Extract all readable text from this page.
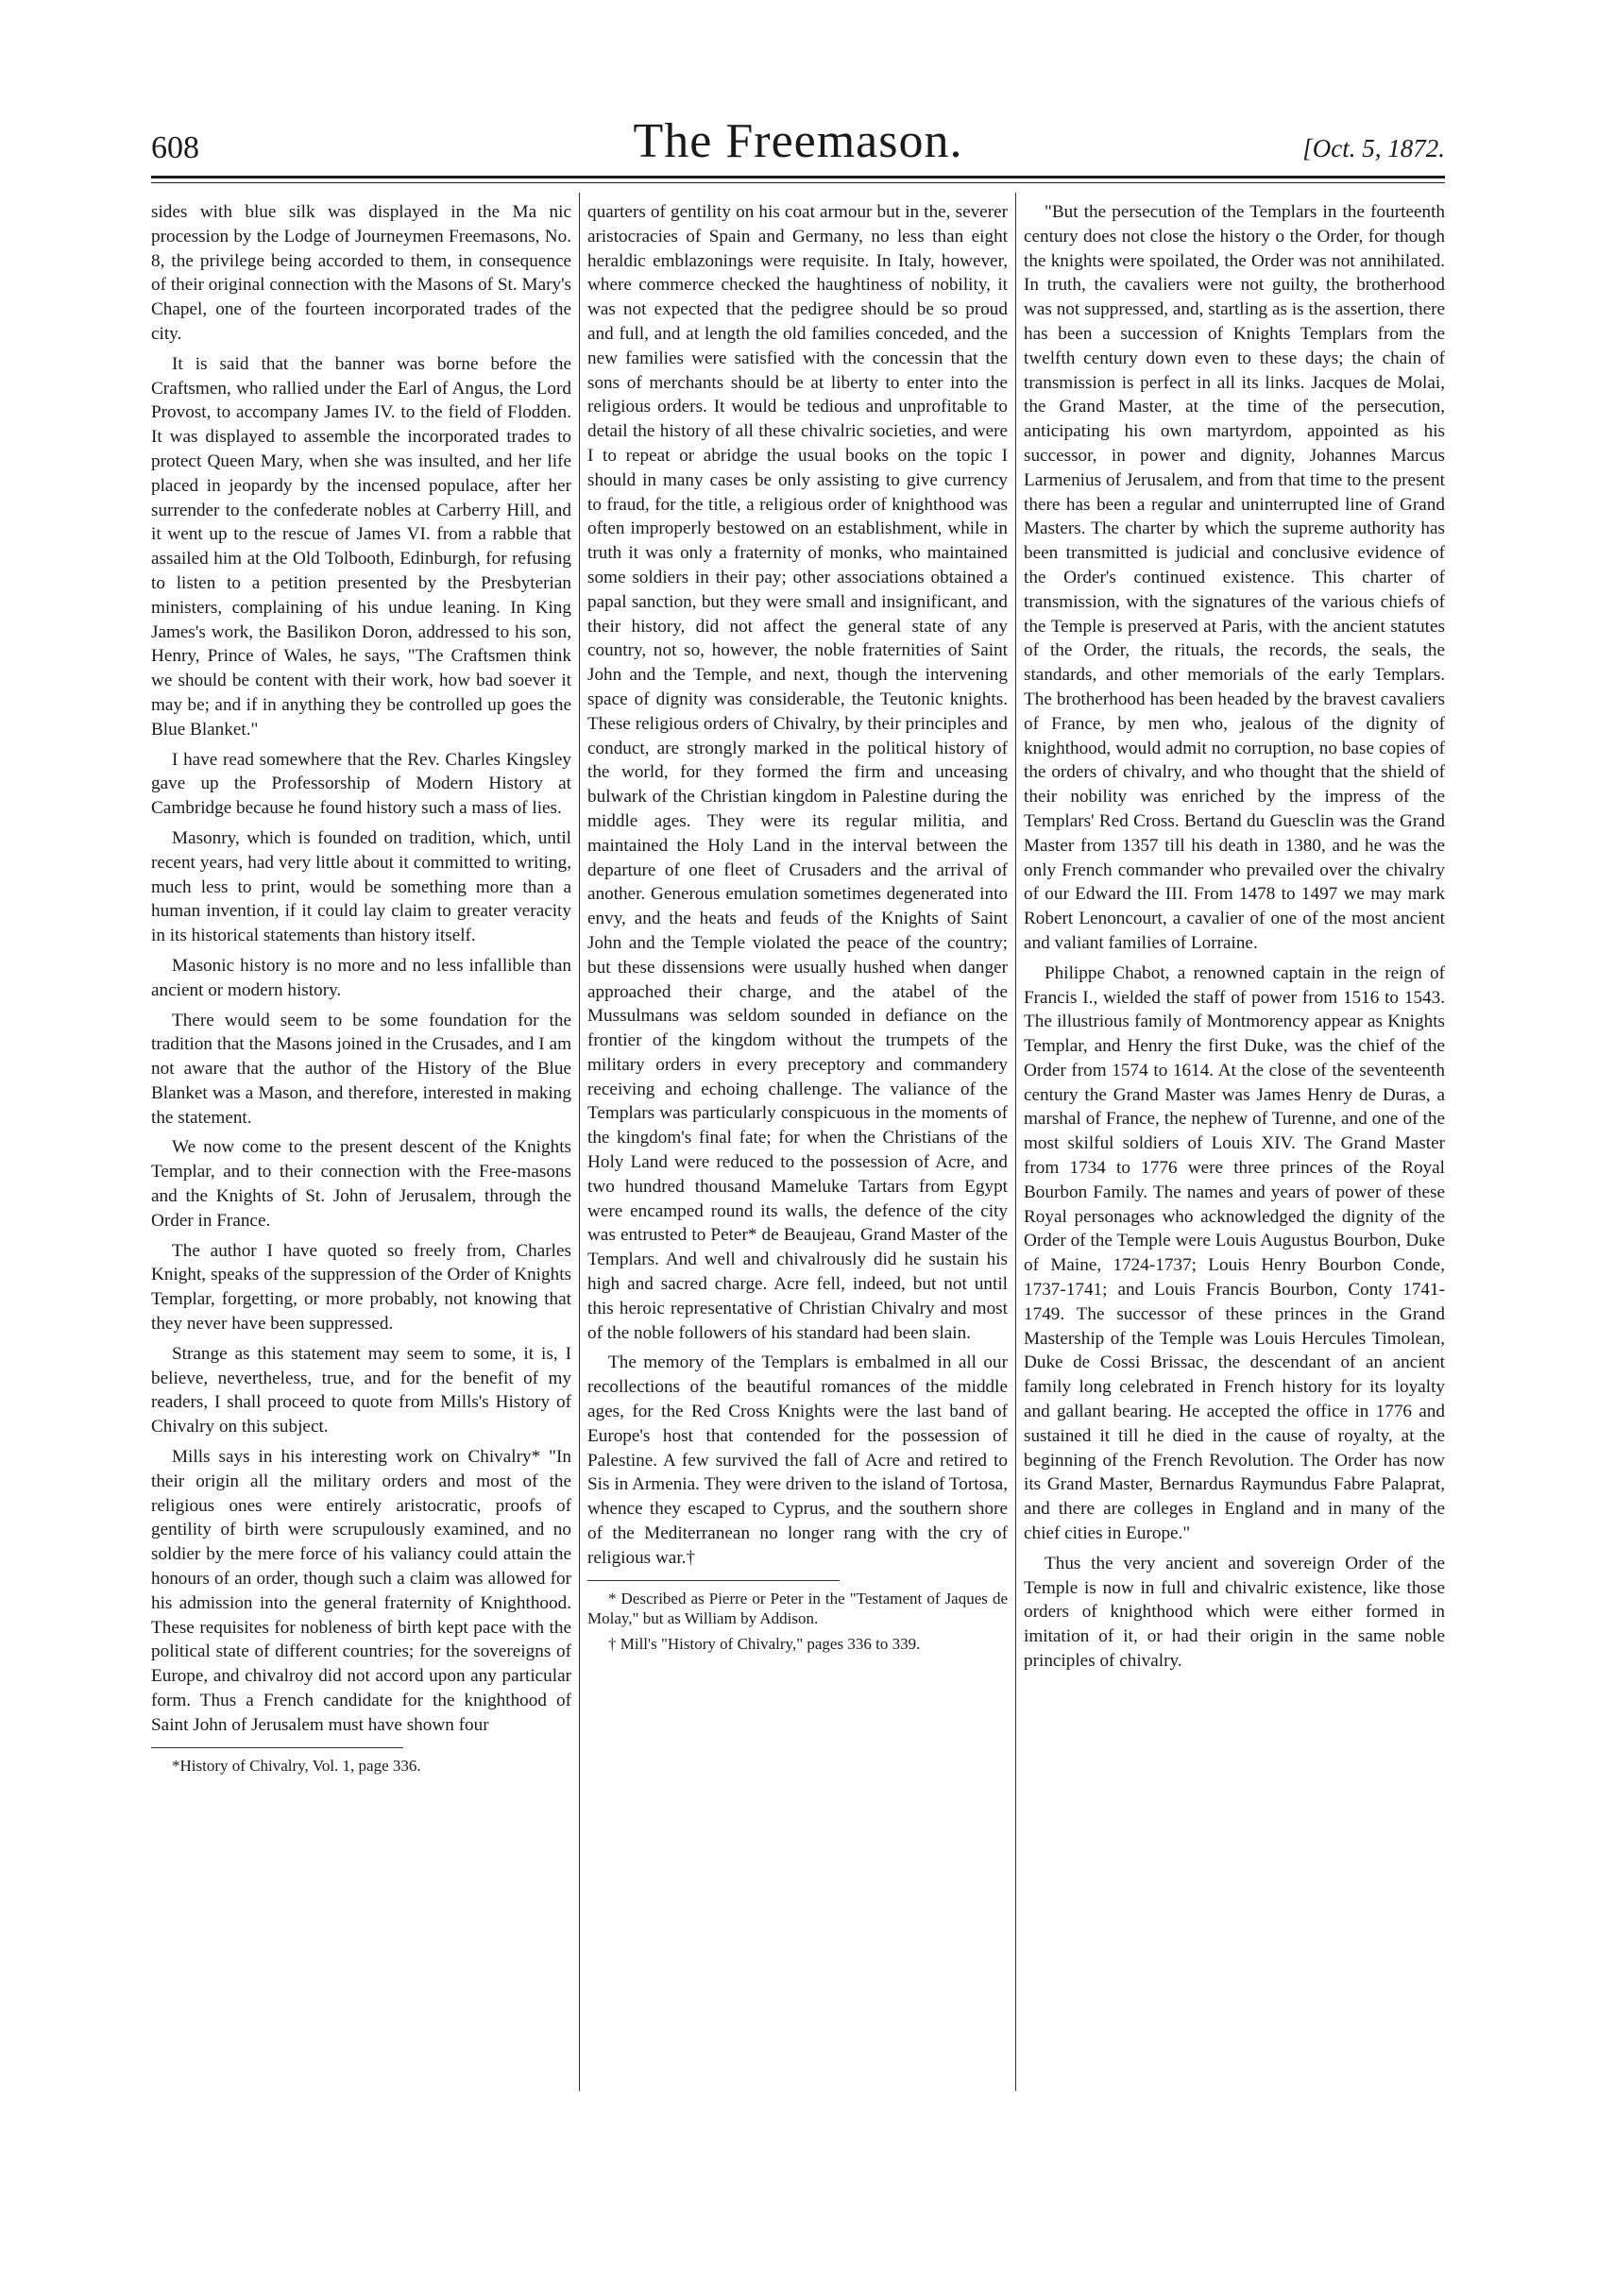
608	The Freemason.	[Oct. 5, 1872.

sides with blue silk was displayed in the Ma nic procession by the Lodge of Journeymen Freemasons, No. 8, the privilege being accorded to them, in consequence of their original connection with the Masons of St. Mary's Chapel, one of the fourteen incorporated trades of the city.

It is said that the banner was borne before the Craftsmen, who rallied under the Earl of Angus, the Lord Provost, to accompany James IV. to the field of Flodden. It was displayed to assemble the incorporated trades to protect Queen Mary, when she was insulted, and her life placed in jeopardy by the incensed populace, after her surrender to the confederate nobles at Carberry Hill, and it went up to the rescue of James VI. from a rabble that assailed him at the Old Tolbooth, Edinburgh, for refusing to listen to a petition presented by the Presbyterian ministers, complaining of his undue leaning. In King James's work, the Basilikon Doron, addressed to his son, Henry, Prince of Wales, he says, "The Craftsmen think we should be content with their work, how bad soever it may be; and if in anything they be controlled up goes the Blue Blanket."

I have read somewhere that the Rev. Charles Kingsley gave up the Professorship of Modern History at Cambridge because he found history such a mass of lies.

Masonry, which is founded on tradition, which, until recent years, had very little about it committed to writing, much less to print, would be something more than a human invention, if it could lay claim to greater veracity in its historical statements than history itself.

Masonic history is no more and no less infallible than ancient or modern history.

There would seem to be some foundation for the tradition that the Masons joined in the Crusades, and I am not aware that the author of the History of the Blue Blanket was a Mason, and therefore, interested in making the statement.

We now come to the present descent of the Knights Templar, and to their connection with the Free-masons and the Knights of St. John of Jerusalem, through the Order in France.

The author I have quoted so freely from, Charles Knight, speaks of the suppression of the Order of Knights Templar, forgetting, or more probably, not knowing that they never have been suppressed.

Strange as this statement may seem to some, it is, I believe, nevertheless, true, and for the benefit of my readers, I shall proceed to quote from Mills's History of Chivalry on this subject.

Mills says in his interesting work on Chivalry* "In their origin all the military orders and most of the religious ones were entirely aristocratic, proofs of gentility of birth were scrupulously examined, and no soldier by the mere force of his valiancy could attain the honours of an order, though such a claim was allowed for his admission into the general fraternity of Knighthood. These requisites for nobleness of birth kept pace with the political state of different countries; for the sovereigns of Europe, and chivalroy did not accord upon any particular form. Thus a French candidate for the knighthood of Saint John of Jerusalem must have shown four

*History of Chivalry, Vol. 1, page 336.

quarters of gentility on his coat armour but in the, severer aristocracies of Spain and Germany, no less than eight heraldic emblazonings were requisite. In Italy, however, where commerce checked the haughtiness of nobility, it was not expected that the pedigree should be so proud and full, and at length the old families conceded, and the new families were satisfied with the concessin that the sons of merchants should be at liberty to enter into the religious orders. It would be tedious and unprofitable to detail the history of all these chivalric societies, and were I to repeat or abridge the usual books on the topic I should in many cases be only assisting to give currency to fraud, for the title, a religious order of knighthood was often improperly bestowed on an establishment, while in truth it was only a fraternity of monks, who maintained some soldiers in their pay; other associations obtained a papal sanction, but they were small and insignificant, and their history, did not affect the general state of any country, not so, however, the noble fraternities of Saint John and the Temple, and next, though the intervening space of dignity was considerable, the Teutonic knights. These religious orders of Chivalry, by their principles and conduct, are strongly marked in the political history of the world, for they formed the firm and unceasing bulwark of the Christian kingdom in Palestine during the middle ages. They were its regular militia, and maintained the Holy Land in the interval between the departure of one fleet of Crusaders and the arrival of another. Generous emulation sometimes degenerated into envy, and the heats and feuds of the Knights of Saint John and the Temple violated the peace of the country; but these dissensions were usually hushed when danger approached their charge, and the atabel of the Mussulmans was seldom sounded in defiance on the frontier of the kingdom without the trumpets of the military orders in every preceptory and commandery receiving and echoing challenge. The valiance of the Templars was particularly conspicuous in the moments of the kingdom's final fate; for when the Christians of the Holy Land were reduced to the possession of Acre, and two hundred thousand Mameluke Tartars from Egypt were encamped round its walls, the defence of the city was entrusted to Peter* de Beaujeau, Grand Master of the Templars. And well and chivalrously did he sustain his high and sacred charge. Acre fell, indeed, but not until this heroic representative of Christian Chivalry and most of the noble followers of his standard had been slain.

The memory of the Templars is embalmed in all our recollections of the beautiful romances of the middle ages, for the Red Cross Knights were the last band of Europe's host that contended for the possession of Palestine. A few survived the fall of Acre and retired to Sis in Armenia. They were driven to the island of Tortosa, whence they escaped to Cyprus, and the southern shore of the Mediterranean no longer rang with the cry of religious war.†

* Described as Pierre or Peter in the "Testament of Jaques de Molay," but as William by Addison.

† Mill's "History of Chivalry," pages 336 to 339.

"But the persecution of the Templars in the fourteenth century does not close the history o the Order, for though the knights were spoilated, the Order was not annihilated. In truth, the cavaliers were not guilty, the brotherhood was not suppressed, and, startling as is the assertion, there has been a succession of Knights Templars from the twelfth century down even to these days; the chain of transmission is perfect in all its links. Jacques de Molai, the Grand Master, at the time of the persecution, anticipating his own martyrdom, appointed as his successor, in power and dignity, Johannes Marcus Larmenius of Jerusalem, and from that time to the present there has been a regular and uninterrupted line of Grand Masters. The charter by which the supreme authority has been transmitted is judicial and conclusive evidence of the Order's continued existence. This charter of transmission, with the signatures of the various chiefs of the Temple is preserved at Paris, with the ancient statutes of the Order, the rituals, the records, the seals, the standards, and other memorials of the early Templars. The brotherhood has been headed by the bravest cavaliers of France, by men who, jealous of the dignity of knighthood, would admit no corruption, no base copies of the orders of chivalry, and who thought that the shield of their nobility was enriched by the impress of the Templars' Red Cross. Bertand du Guesclin was the Grand Master from 1357 till his death in 1380, and he was the only French commander who prevailed over the chivalry of our Edward the III. From 1478 to 1497 we may mark Robert Lenoncourt, a cavalier of one of the most ancient and valiant families of Lorraine.

Philippe Chabot, a renowned captain in the reign of Francis I., wielded the staff of power from 1516 to 1543. The illustrious family of Montmorency appear as Knights Templar, and Henry the first Duke, was the chief of the Order from 1574 to 1614. At the close of the seventeenth century the Grand Master was James Henry de Duras, a marshal of France, the nephew of Turenne, and one of the most skilful soldiers of Louis XIV. The Grand Master from 1734 to 1776 were three princes of the Royal Bourbon Family. The names and years of power of these Royal personages who acknowledged the dignity of the Order of the Temple were Louis Augustus Bourbon, Duke of Maine, 1724-1737; Louis Henry Bourbon Conde, 1737-1741; and Louis Francis Bourbon, Conty 1741-1749. The successor of these princes in the Grand Mastership of the Temple was Louis Hercules Timolean, Duke de Cossi Brissac, the descendant of an ancient family long celebrated in French history for its loyalty and gallant bearing. He accepted the office in 1776 and sustained it till he died in the cause of royalty, at the beginning of the French Revolution. The Order has now its Grand Master, Bernardus Raymundus Fabre Palaprat, and there are colleges in England and in many of the chief cities in Europe."

Thus the very ancient and sovereign Order of the Temple is now in full and chivalric existence, like those orders of knighthood which were either formed in imitation of it, or had their origin in the same noble principles of chivalry.
